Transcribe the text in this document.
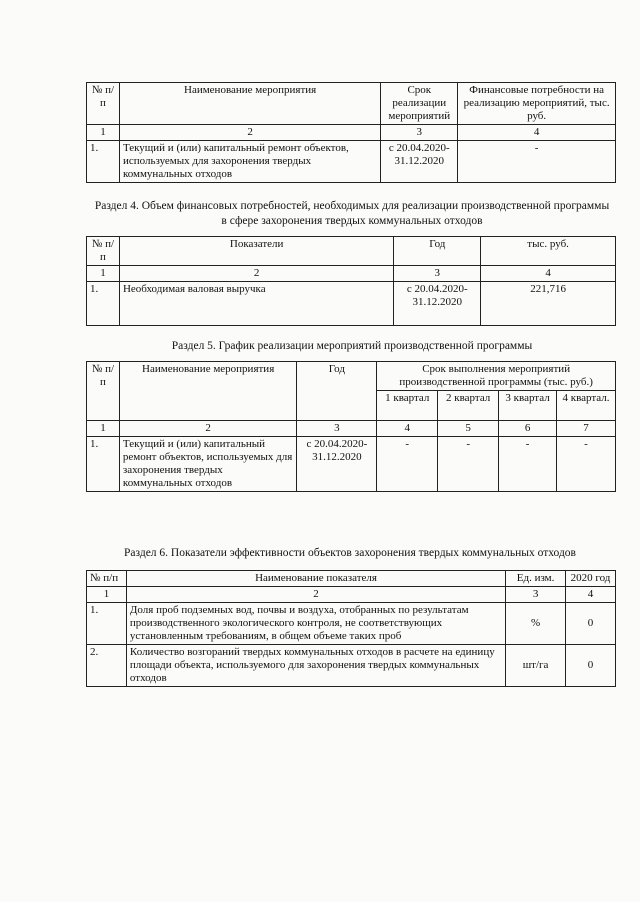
№ п/п	Наименование мероприятия	Срок реализации мероприятий	Финансовые потребности на реализацию мероприятий, тыс. руб.
1	2	3	4
1.	Текущий и (или) капитальный ремонт объектов, используемых для захоронения твердых коммунальных отходов	с 20.04.2020-31.12.2020	-
Раздел 4. Объем финансовых потребностей, необходимых для реализации производственной программы в сфере захоронения твердых коммунальных отходов
№ п/п	Показатели	Год	тыс. руб.
1	2	3	4
1.	Необходимая валовая выручка	с 20.04.2020-31.12.2020	221,716
Раздел 5. График реализации мероприятий производственной программы
№ п/п	Наименование мероприятия	Год	Срок выполнения мероприятий производственной программы (тыс. руб.)			
			1 квартал	2 квартал	3 квартал	4 квартал.
1	2	3	4	5	6	7
1.	Текущий и (или) капитальный ремонт объектов, используемых для захоронения твердых коммунальных отходов	с 20.04.2020-31.12.2020	-	-	-	-
Раздел 6. Показатели эффективности объектов захоронения твердых коммунальных отходов
№ п/п	Наименование показателя	Ед. изм.	2020 год
1	2	3	4
1.	Доля проб подземных вод, почвы и воздуха, отобранных по результатам производственного экологического контроля, не соответствующих установленным требованиям, в общем объеме таких проб	%	0
2.	Количество возгораний твердых коммунальных отходов в расчете на единицу площади объекта, используемого для захоронения твердых коммунальных отходов	шт/га	0
